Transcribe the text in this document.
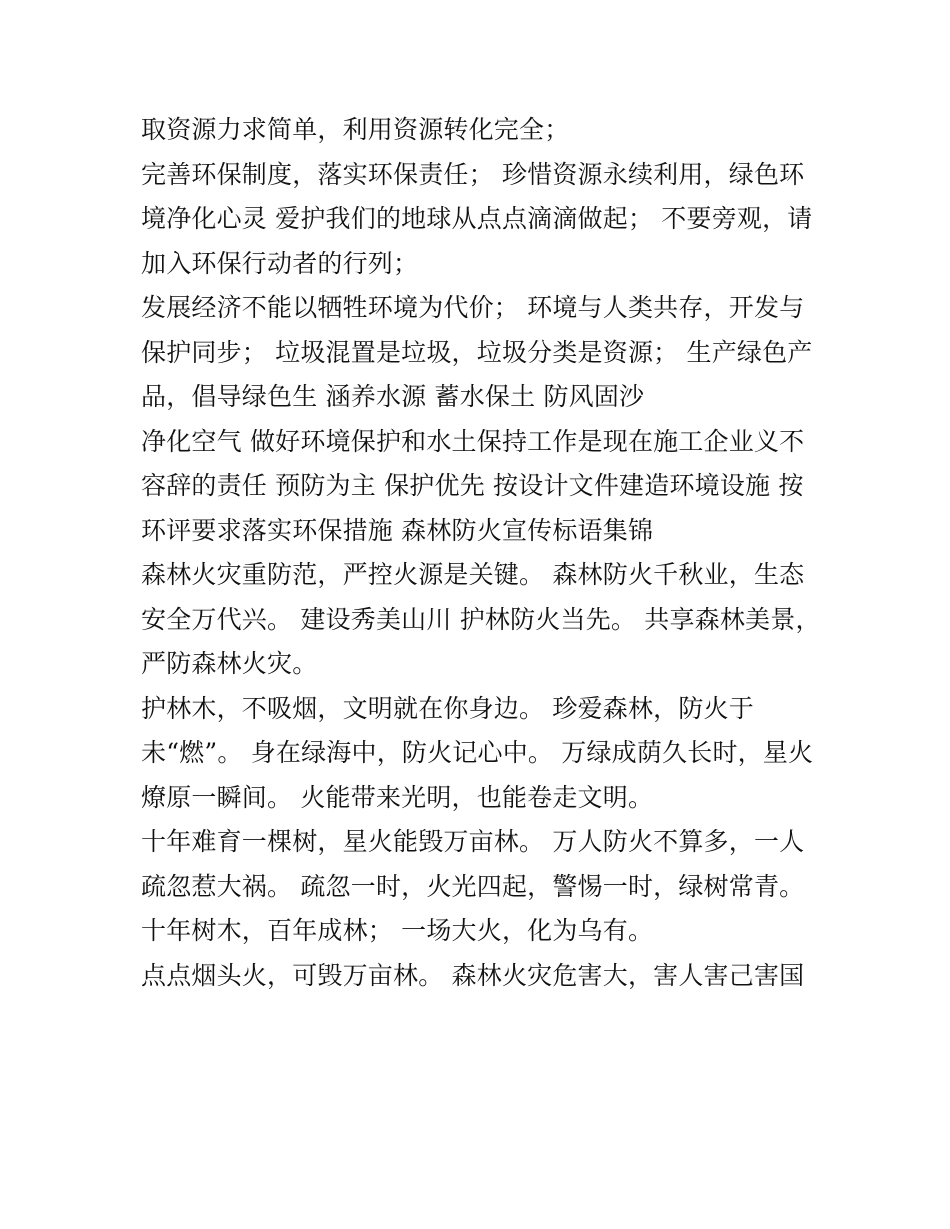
取资源力求简单，利用资源转化完全；
完善环保制度，落实环保责任； 珍惜资源永续利用，绿色环
境净化心灵 爱护我们的地球从点点滴滴做起； 不要旁观，请
加入环保行动者的行列；
发展经济不能以牺牲环境为代价； 环境与人类共存，开发与
保护同步； 垃圾混置是垃圾，垃圾分类是资源； 生产绿色产
品，倡导绿色生 涵养水源 蓄水保土 防风固沙
净化空气 做好环境保护和水土保持工作是现在施工企业义不
容辞的责任 预防为主 保护优先 按设计文件建造环境设施 按
环评要求落实环保措施 森林防火宣传标语集锦
森林火灾重防范，严控火源是关键。 森林防火千秋业，生态
安全万代兴。 建设秀美山川 护林防火当先。 共享森林美景，
严防森林火灾。
护林木，不吸烟，文明就在你身边。 珍爱森林，防火于
未“燃”。 身在绿海中，防火记心中。 万绿成荫久长时，星火
燎原一瞬间。 火能带来光明，也能卷走文明。
十年难育一棵树，星火能毁万亩林。 万人防火不算多，一人
疏忽惹大祸。 疏忽一时，火光四起，警惕一时，绿树常青。
十年树木，百年成林； 一场大火，化为乌有。
点点烟头火，可毁万亩林。 森林火灾危害大，害人害己害国
